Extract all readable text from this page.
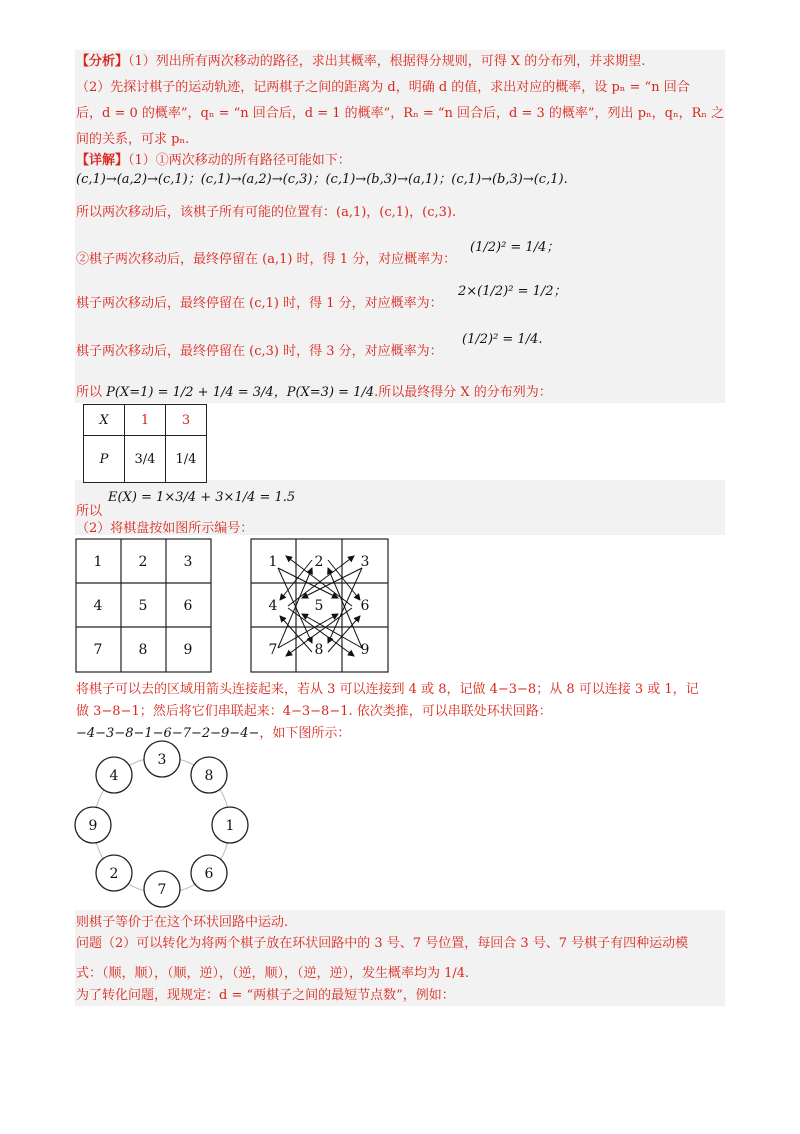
【分析】（1）列出所有两次移动的路径，求出其概率，根据得分规则，可得 X 的分布列，并求期望.
（2）先探讨棋子的运动轨迹，记两棋子之间的距离为 d，明确 d 的值，求出对应的概率，设 pₙ = “n 回合
后，d = 0 的概率”，qₙ = “n 回合后，d = 1 的概率”，Rₙ = “n 回合后，d = 3 的概率”，列出 pₙ，qₙ，Rₙ 之
间的关系，可求 pₙ.
【详解】（1）①两次移动的所有路径可能如下：
(c,1)→(a,2)→(c,1)；(c,1)→(a,2)→(c,3)；(c,1)→(b,3)→(a,1)；(c,1)→(b,3)→(c,1).
所以两次移动后，该棋子所有可能的位置有：(a,1)，(c,1)，(c,3).
②棋子两次移动后，最终停留在 (a,1) 时，得 1 分，对应概率为：
(1/2)² = 1/4；
棋子两次移动后，最终停留在 (c,1) 时，得 1 分，对应概率为：
2×(1/2)² = 1/2；
棋子两次移动后，最终停留在 (c,3) 时，得 3 分，对应概率为：
(1/2)² = 1/4.
所以 P(X=1) = 1/2 + 1/4 = 3/4，P(X=3) = 1/4.所以最终得分 X 的分布列为：
X	1	3
P	3/4	1/4
E(X) = 1×3/4 + 3×1/4 = 1.5
所以
（2）将棋盘按如图所示编号：
1	2	3
4	5	6
7	8	9
1	2	3
4	5	6
7	8	9
将棋子可以去的区域用箭头连接起来，若从 3 可以连接到 4 或 8，记做 4−3−8；从 8 可以连接 3 或 1，记
做 3−8−1；然后将它们串联起来：4−3−8−1. 依次类推，可以串联处环状回路：
−4−3−8−1−6−7−2−9−4−，如下图所示：
3
8
1
6
7
2
9
4
则棋子等价于在这个环状回路中运动.
问题（2）可以转化为将两个棋子放在环状回路中的 3 号、7 号位置，每回合 3 号、7 号棋子有四种运动模
式：（顺，顺），（顺，逆），（逆，顺），（逆，逆），发生概率均为 1/4.
为了转化问题，现规定：d = “两棋子之间的最短节点数”，例如：
